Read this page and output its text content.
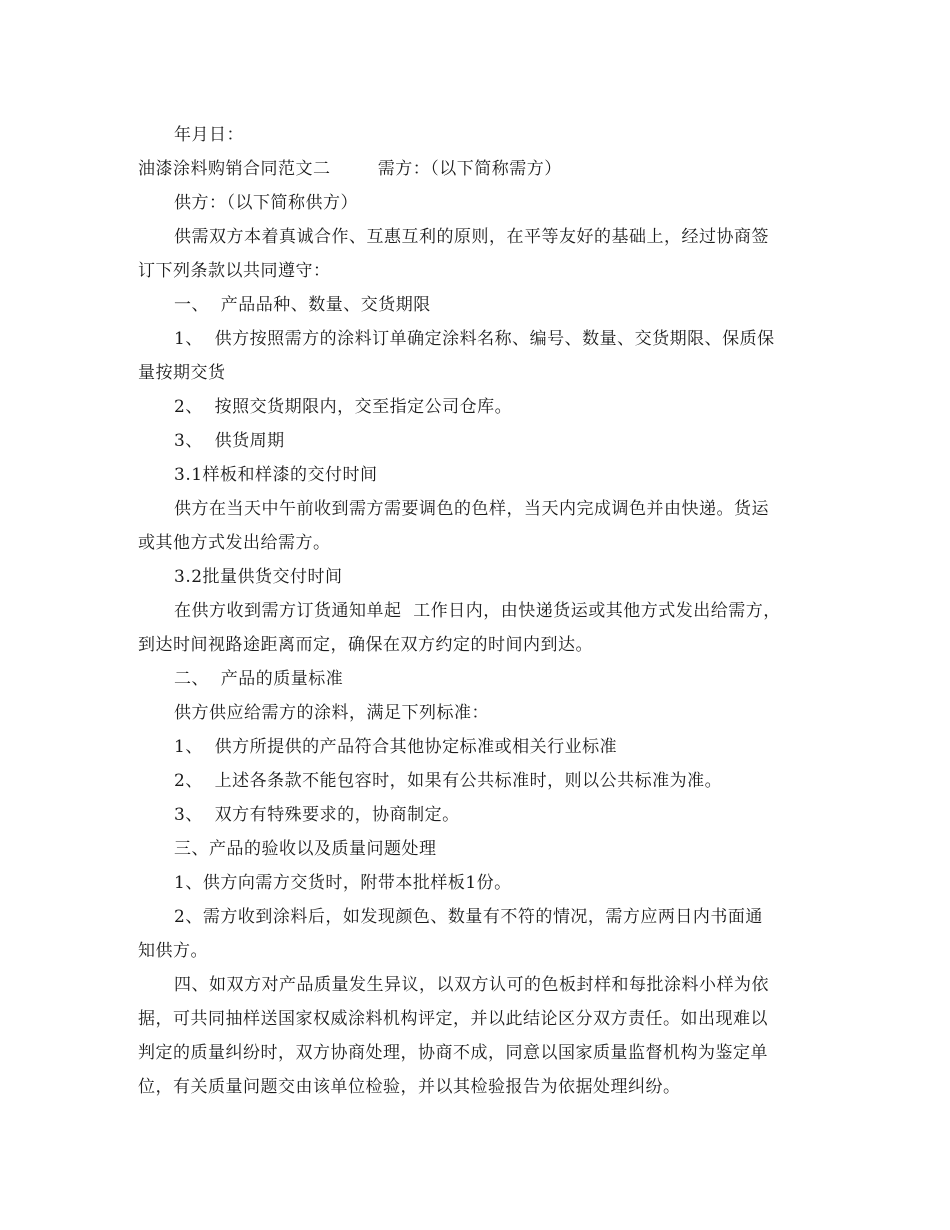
年月日：
油漆涂料购销合同范文二        需方：（以下简称需方）
供方：（以下简称供方）
供需双方本着真诚合作、互惠互利的原则，在平等友好的基础上，经过协商签
订下列条款以共同遵守：
一、  产品品种、数量、交货期限
1、  供方按照需方的涂料订单确定涂料名称、编号、数量、交货期限、保质保
量按期交货
2、  按照交货期限内，交至指定公司仓库。
3、  供货周期
3.1样板和样漆的交付时间
供方在当天中午前收到需方需要调色的色样，当天内完成调色并由快递。货运
或其他方式发出给需方。
3.2批量供货交付时间
在供方收到需方订货通知单起  工作日内，由快递货运或其他方式发出给需方，
到达时间视路途距离而定，确保在双方约定的时间内到达。
二、  产品的质量标准
供方供应给需方的涂料，满足下列标准：
1、  供方所提供的产品符合其他协定标准或相关行业标准
2、  上述各条款不能包容时，如果有公共标准时，则以公共标准为准。
3、  双方有特殊要求的，协商制定。
三、产品的验收以及质量问题处理
1、供方向需方交货时，附带本批样板1份。
2、需方收到涂料后，如发现颜色、数量有不符的情况，需方应两日内书面通
知供方。
四、如双方对产品质量发生异议，以双方认可的色板封样和每批涂料小样为依
据，可共同抽样送国家权威涂料机构评定，并以此结论区分双方责任。如出现难以
判定的质量纠纷时，双方协商处理，协商不成，同意以国家质量监督机构为鉴定单
位，有关质量问题交由该单位检验，并以其检验报告为依据处理纠纷。
